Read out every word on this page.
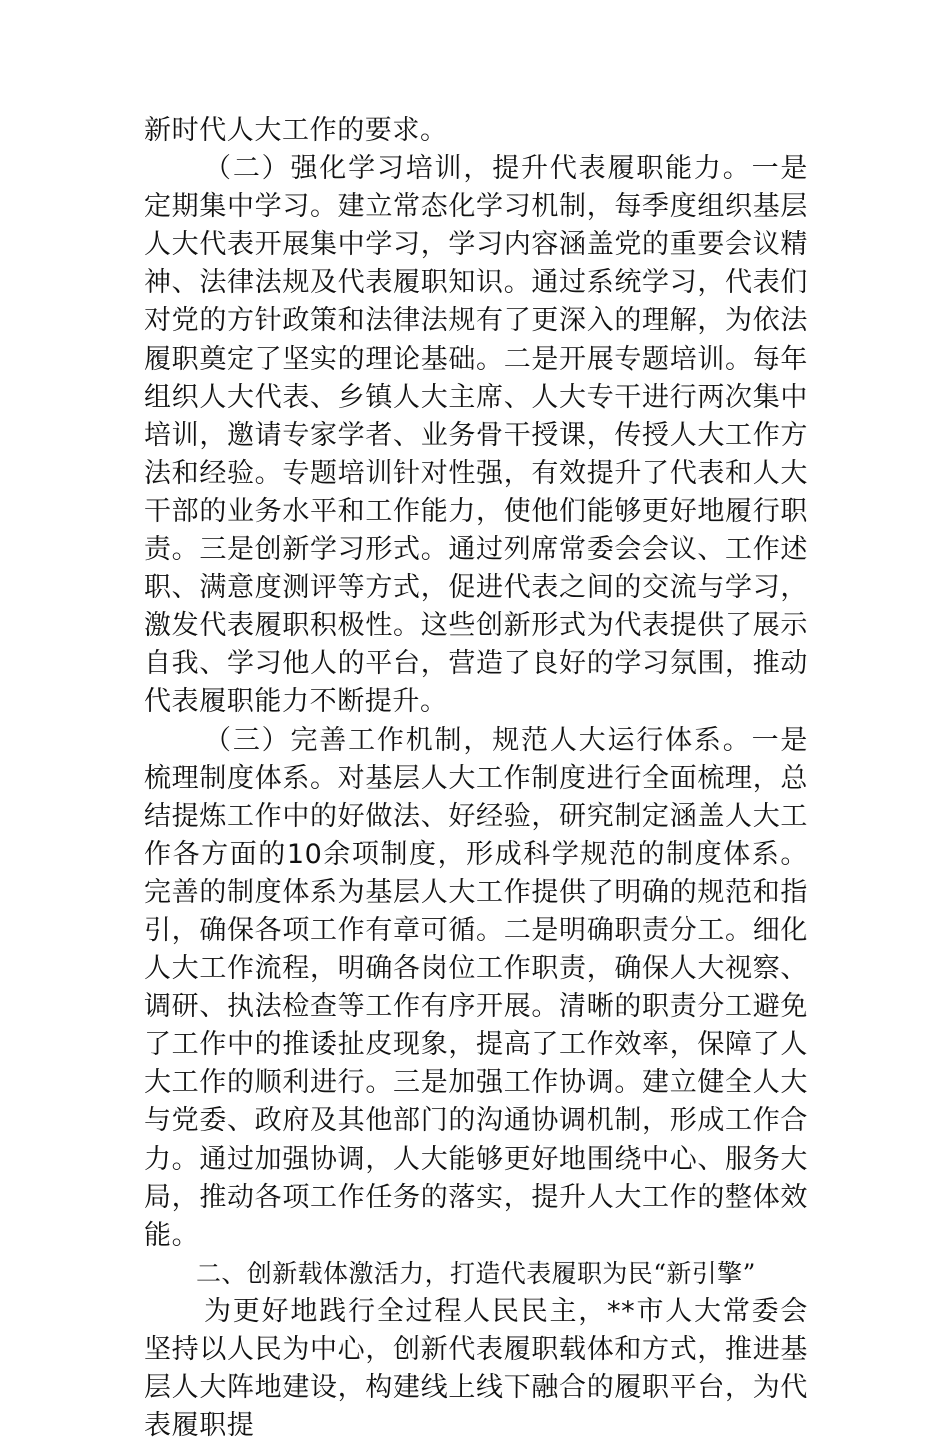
新时代人大工作的要求。

（二）强化学习培训，提升代表履职能力。一是定期集中学习。建立常态化学习机制，每季度组织基层人大代表开展集中学习，学习内容涵盖党的重要会议精神、法律法规及代表履职知识。通过系统学习，代表们对党的方针政策和法律法规有了更深入的理解，为依法履职奠定了坚实的理论基础。二是开展专题培训。每年组织人大代表、乡镇人大主席、人大专干进行两次集中培训，邀请专家学者、业务骨干授课，传授人大工作方法和经验。专题培训针对性强，有效提升了代表和人大干部的业务水平和工作能力，使他们能够更好地履行职责。三是创新学习形式。通过列席常委会会议、工作述职、满意度测评等方式，促进代表之间的交流与学习，激发代表履职积极性。这些创新形式为代表提供了展示自我、学习他人的平台，营造了良好的学习氛围，推动代表履职能力不断提升。

（三）完善工作机制，规范人大运行体系。一是梳理制度体系。对基层人大工作制度进行全面梳理，总结提炼工作中的好做法、好经验，研究制定涵盖人大工作各方面的10余项制度，形成科学规范的制度体系。完善的制度体系为基层人大工作提供了明确的规范和指引，确保各项工作有章可循。二是明确职责分工。细化人大工作流程，明确各岗位工作职责，确保人大视察、调研、执法检查等工作有序开展。清晰的职责分工避免了工作中的推诿扯皮现象，提高了工作效率，保障了人大工作的顺利进行。三是加强工作协调。建立健全人大与党委、政府及其他部门的沟通协调机制，形成工作合力。通过加强协调，人大能够更好地围绕中心、服务大局，推动各项工作任务的落实，提升人大工作的整体效能。

二、创新载体激活力，打造代表履职为民“新引擎”

为更好地践行全过程人民民主，**市人大常委会坚持以人民为中心，创新代表履职载体和方式，推进基层人大阵地建设，构建线上线下融合的履职平台，为代表履职提
